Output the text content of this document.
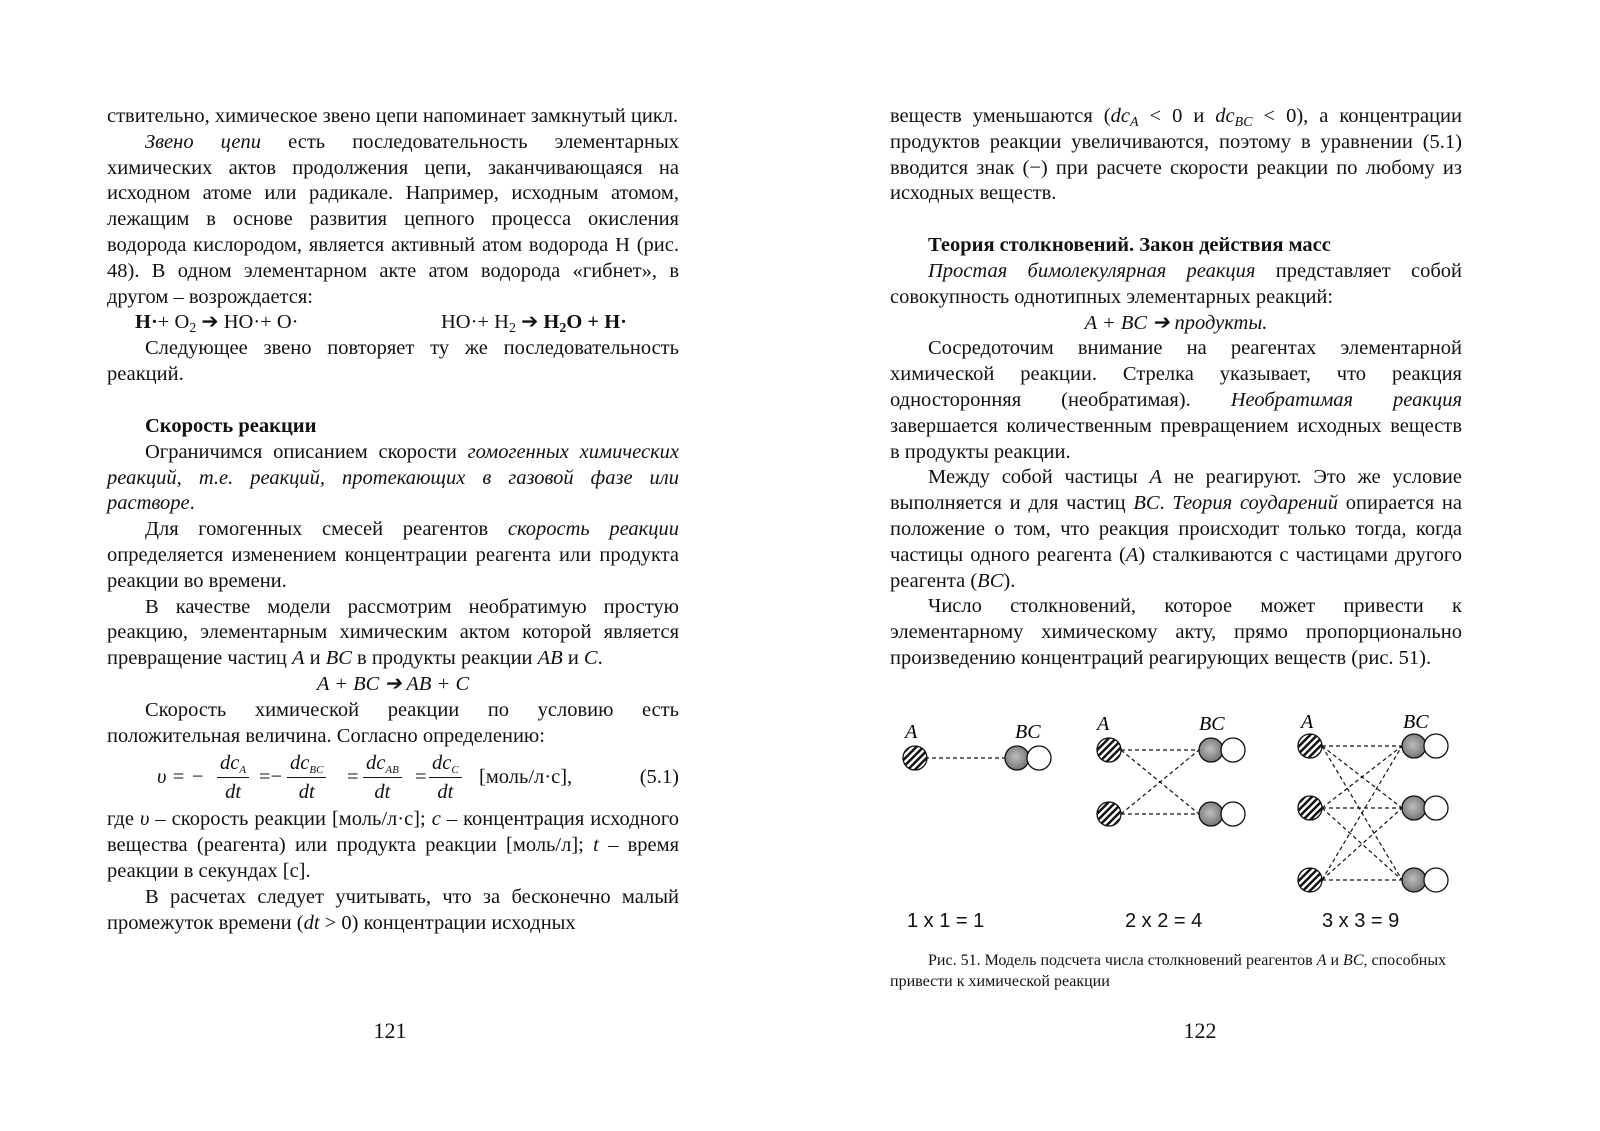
ствительно, химическое звено цепи напоминает замкнутый цикл.

Звено цепи есть последовательность элементарных химических актов продолжения цепи, заканчивающаяся на исходном атоме или радикале. Например, исходным атомом, лежащим в основе развития цепного процесса окисления водорода кислородом, является активный атом водорода Н (рис. 48). В одном элементарном акте атом водорода «гибнет», в другом – возрождается:

$H\cdot+ O_2$ ➔ HO·+ O·	$HO\cdot+ H_2$ ➔ $H_2O + H\cdot$

Следующее звено повторяет ту же последовательность реакций.

Скорость реакции

Ограничимся описанием скорости гомогенных химических реакций, т.е. реакций, протекающих в газовой фазе или растворе.

Для гомогенных смесей реагентов скорость реакции определяется изменением концентрации реагента или продукта реакции во времени.

В качестве модели рассмотрим необратимую простую реакцию, элементарным химическим актом которой является превращение частиц A и BC в продукты реакции AB и C.

A + BC ➔ AB + C

Скорость химической реакции по условию есть положительная величина. Согласно определению:

υ = − $\frac{dc_A}{dt} =- \frac{dc_{BC}}{dt} = \frac{dc_{AB}}{dt} = \frac{dc_C}{dt}$ [моль/л·с],	(5.1)

где υ – скорость реакции [моль/л·с]; c – концентрация исходного вещества (реагента) или продукта реакции [моль/л]; t – время реакции в секундах [с].

В расчетах следует учитывать, что за бесконечно малый промежуток времени (dt > 0) концентрации исходных

121

веществ уменьшаются ($dc_A < 0$ и $dc_{BC} < 0$), а концентрации продуктов реакции увеличиваются, поэтому в уравнении (5.1) вводится знак (−) при расчете скорости реакции по любому из исходных веществ.

Теория столкновений. Закон действия масс

Простая бимолекулярная реакция представляет собой совокупность однотипных элементарных реакций:

A + BC ➔ продукты.

Сосредоточим внимание на реагентах элементарной химической реакции. Стрелка указывает, что реакция односторонняя (необратимая). Необратимая реакция завершается количественным превращением исходных веществ в продукты реакции.

Между собой частицы A не реагируют. Это же условие выполняется и для частиц BC. Теория соударений опирается на положение о том, что реакция происходит только тогда, когда частицы одного реагента (A) сталкиваются с частицами другого реагента (BC).

Число столкновений, которое может привести к элементарному химическому акту, прямо пропорционально произведению концентраций реагирующих веществ (рис. 51).

A	BC	A	BC	A	BC
1 x 1 = 1	2 x 2 = 4	3 x 3 = 9

Рис. 51. Модель подсчета числа столкновений реагентов A и BC, способных привести к химической реакции

122
